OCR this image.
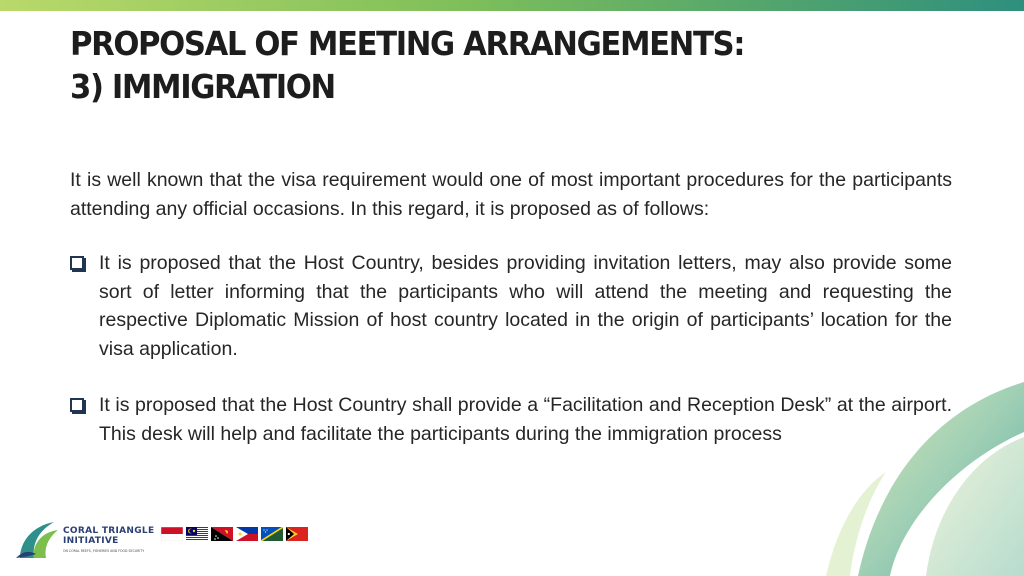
PROPOSAL OF MEETING ARRANGEMENTS:
3) IMMIGRATION

It is well known that the visa requirement would one of most important procedures for the participants attending any official occasions. In this regard, it is proposed as of follows:

It is proposed that the Host Country, besides providing invitation letters, may also provide some sort of letter informing that the participants who will attend the meeting and requesting the respective Diplomatic Mission of host country located in the origin of participants’ location for the visa application.
It is proposed that the Host Country shall provide a “Facilitation and Reception Desk” at the airport. This desk will help and facilitate the participants during the immigration process
CORAL TRIANGLE
INITIATIVE
ON CORAL REEFS, FISHERIES AND FOOD SECURITY
